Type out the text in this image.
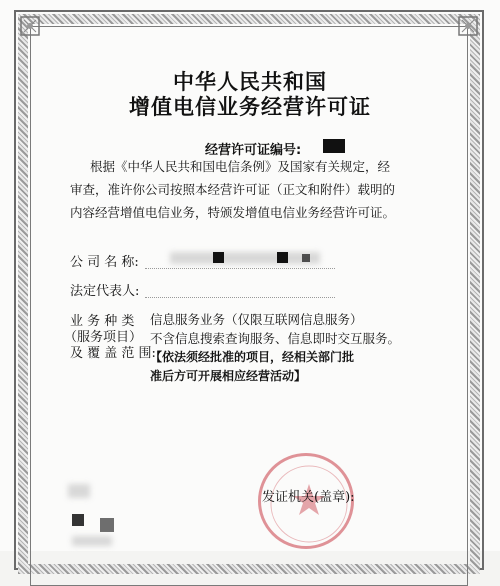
中华人民共和国
增值电信业务经营许可证
经营许可证编号:
根据《中华人民共和国电信条例》及国家有关规定，经
审查，准许你公司按照本经营许可证（正文和附件）载明的
内容经营增值电信业务，特颁发增值电信业务经营许可证。
公 司 名 称:
法定代表人:
业 务 种 类
（服务项目）
及 覆 盖 范 围:
信息服务业务（仅限互联网信息服务）
不含信息搜索查询服务、信息即时交互服务。
【依法须经批准的项目，经相关部门批
准后方可开展相应经营活动】
发证机关(盖章):
